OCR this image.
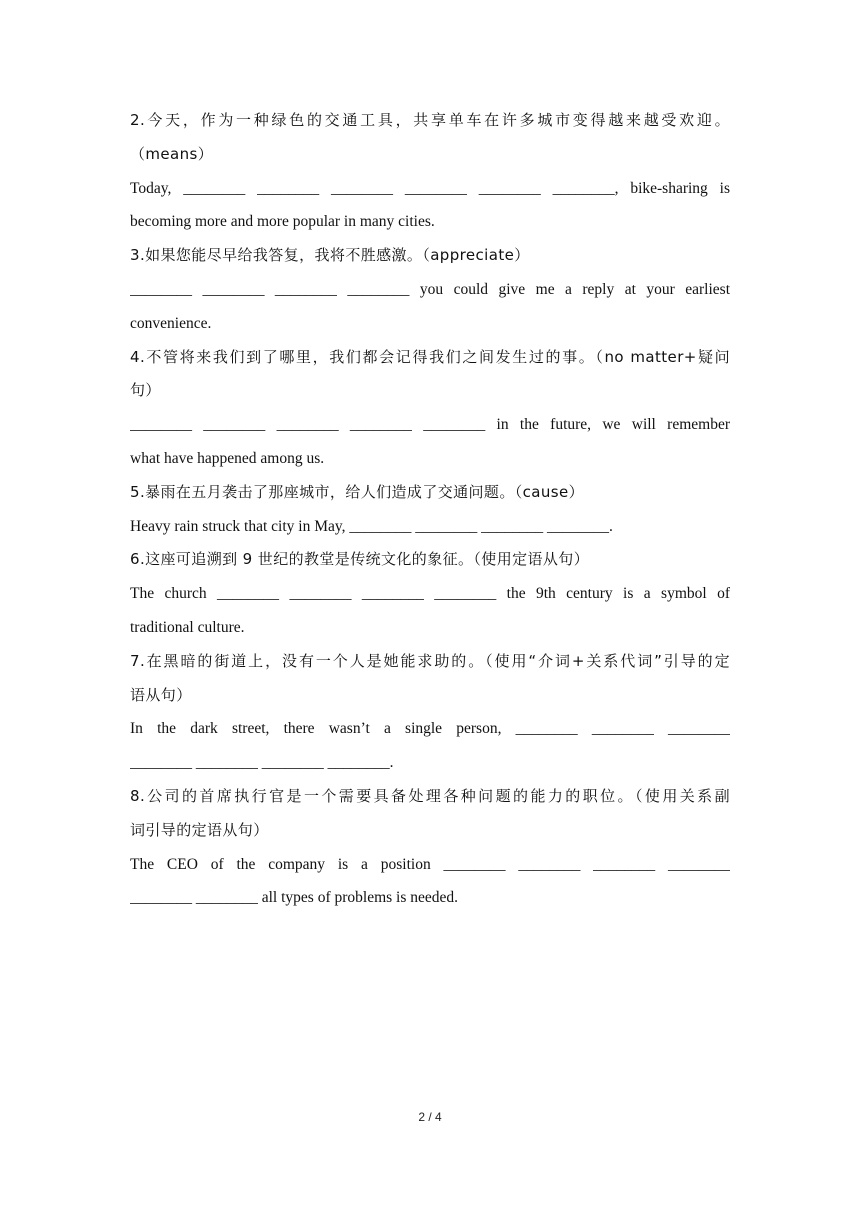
2.今天，作为一种绿色的交通工具，共享单车在许多城市变得越来越受欢迎。
（means）
Today, ________ ________ ________ ________ ________ ________, bike-sharing is
becoming more and more popular in many cities.
3.如果您能尽早给我答复，我将不胜感激。（appreciate）
________ ________ ________ ________ you could give me a reply at your earliest
convenience.
4.不管将来我们到了哪里，我们都会记得我们之间发生过的事。（no matter+疑问
句）
________ ________ ________ ________ ________ in the future, we will remember
what have happened among us.
5.暴雨在五月袭击了那座城市，给人们造成了交通问题。（cause）
Heavy rain struck that city in May, ________ ________ ________ ________.
6.这座可追溯到 9 世纪的教堂是传统文化的象征。（使用定语从句）
The church ________ ________ ________ ________ the 9th century is a symbol of
traditional culture.
7.在黑暗的街道上，没有一个人是她能求助的。（使用“介词+关系代词”引导的定
语从句）
In the dark street, there wasn’t a single person, ________ ________ ________
________ ________ ________ ________.
8.公司的首席执行官是一个需要具备处理各种问题的能力的职位。（使用关系副
词引导的定语从句）
The CEO of the company is a position ________ ________ ________ ________
________ ________ all types of problems is needed.
2 / 4
